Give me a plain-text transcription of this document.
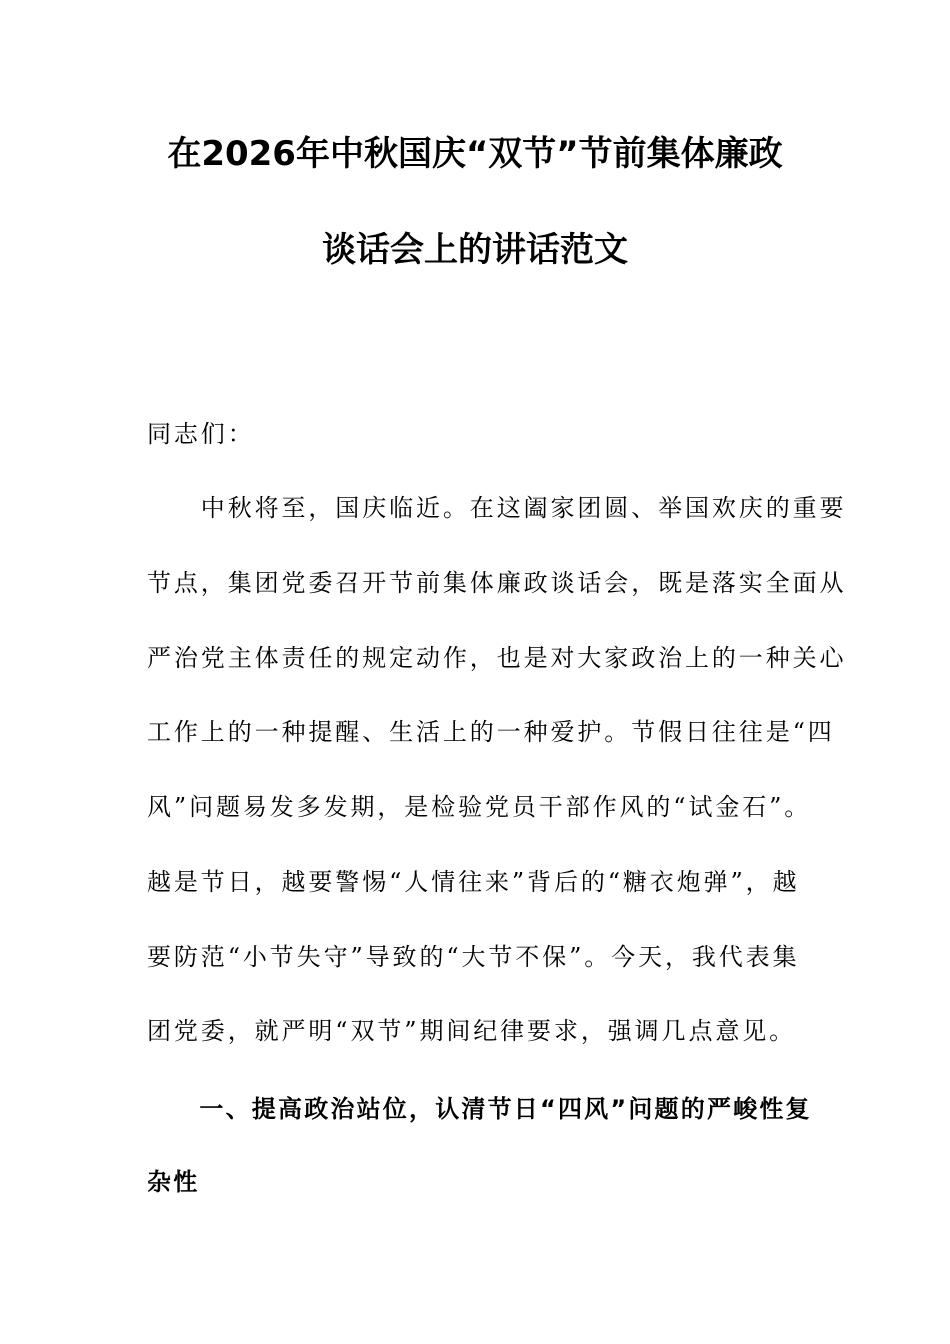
在2026年中秋国庆“双节”节前集体廉政
谈话会上的讲话范文
同志们：
　　中秋将至，国庆临近。在这阖家团圆、举国欢庆的重要
节点，集团党委召开节前集体廉政谈话会，既是落实全面从
严治党主体责任的规定动作，也是对大家政治上的一种关心
工作上的一种提醒、生活上的一种爱护。节假日往往是“四
风”问题易发多发期，是检验党员干部作风的“试金石”。
越是节日，越要警惕“人情往来”背后的“糖衣炮弹”，越
要防范“小节失守”导致的“大节不保”。今天，我代表集
团党委，就严明“双节”期间纪律要求，强调几点意见。
　　一、提高政治站位，认清节日“四风”问题的严峻性复
杂性
